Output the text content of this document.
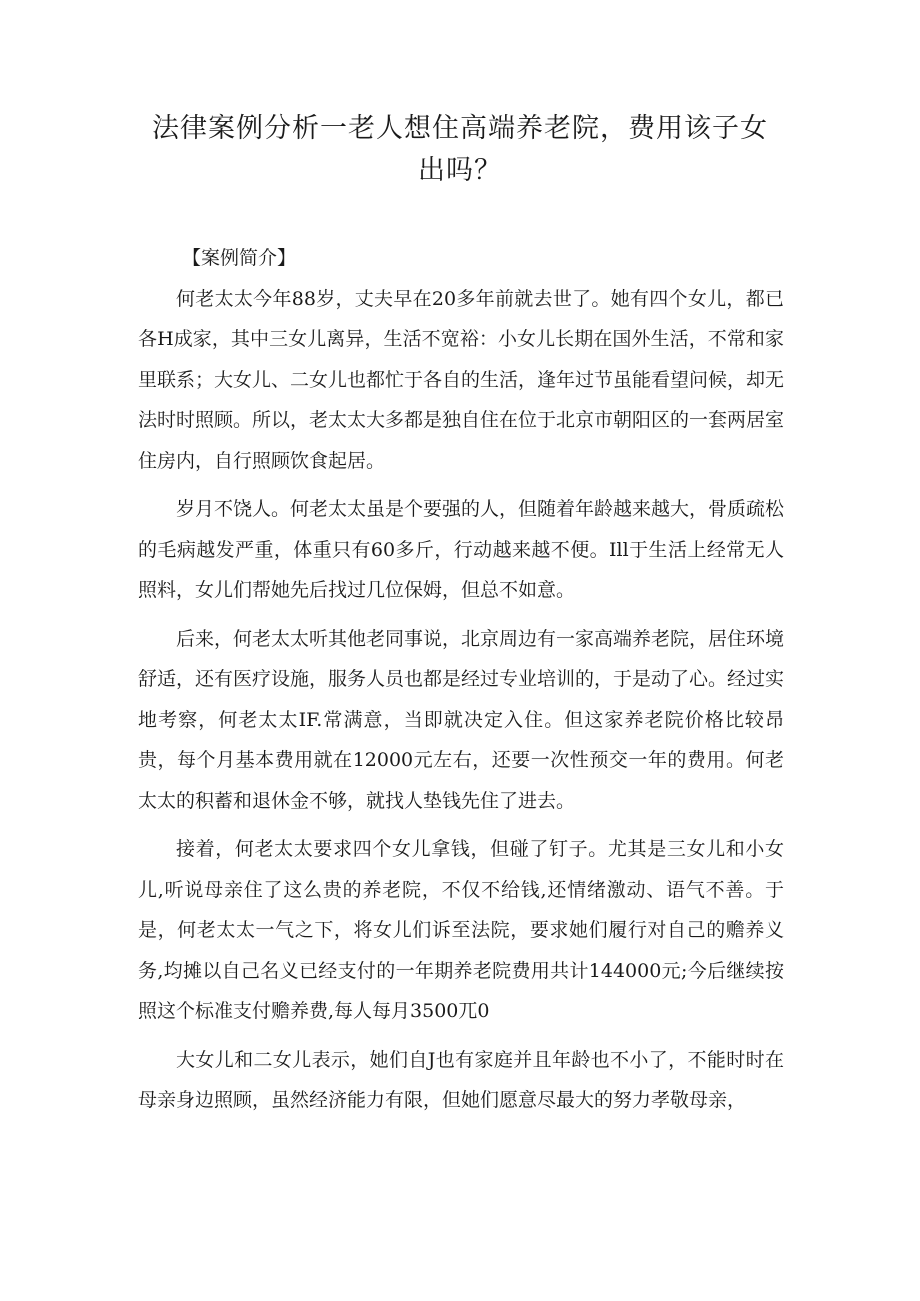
法律案例分析一老人想住高端养老院，费用该子女出吗？

【案例简介】

何老太太今年88岁，丈夫早在20多年前就去世了。她有四个女儿，都已各H成家，其中三女儿离异，生活不宽裕：小女儿长期在国外生活，不常和家里联系；大女儿、二女儿也都忙于各自的生活，逢年过节虽能看望问候，却无法时时照顾。所以，老太太大多都是独自住在位于北京市朝阳区的一套两居室住房内，自行照顾饮食起居。

岁月不饶人。何老太太虽是个要强的人，但随着年龄越来越大，骨质疏松的毛病越发严重，体重只有60多斤，行动越来越不便。Ill于生活上经常无人照料，女儿们帮她先后找过几位保姆，但总不如意。

后来，何老太太听其他老同事说，北京周边有一家高端养老院，居住环境舒适，还有医疗设施，服务人员也都是经过专业培训的，于是动了心。经过实地考察，何老太太IF.常满意，当即就决定入住。但这家养老院价格比较昂贵，每个月基本费用就在12000元左右，还要一次性预交一年的费用。何老太太的积蓄和退休金不够，就找人垫钱先住了进去。

接着，何老太太要求四个女儿拿钱，但碰了钉子。尤其是三女儿和小女儿,听说母亲住了这么贵的养老院，不仅不给钱,还情绪激动、语气不善。于是，何老太太一气之下，将女儿们诉至法院，要求她们履行对自己的赡养义务,均摊以自己名义已经支付的一年期养老院费用共计144000元;今后继续按照这个标准支付赡养费,每人每月3500兀0

大女儿和二女儿表示，她们自J也有家庭并且年龄也不小了，不能时时在母亲身边照顾，虽然经济能力有限，但她们愿意尽最大的努力孝敬母亲，
